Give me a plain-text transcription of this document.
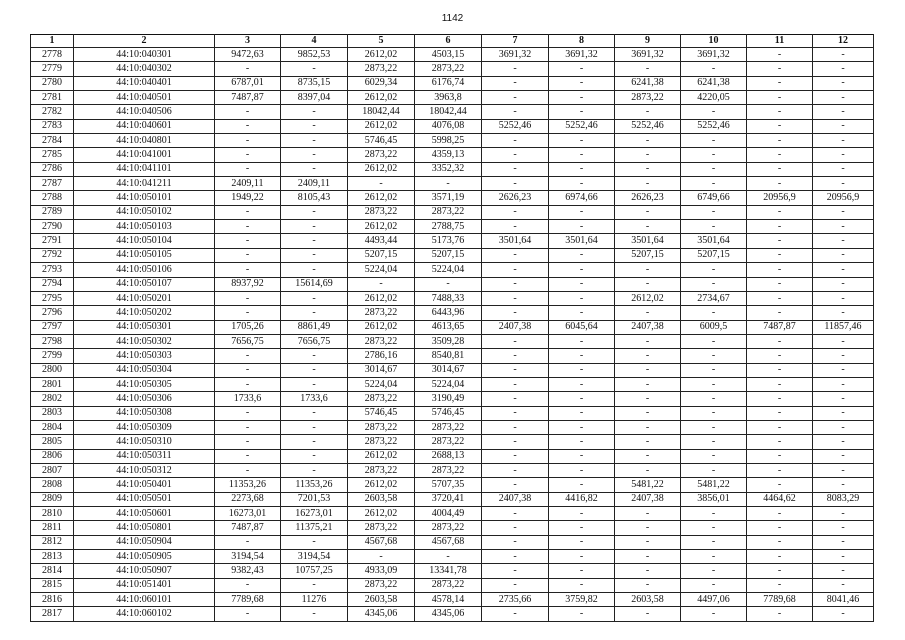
1142
1	2	3	4	5	6	7	8	9	10	11	12
2778	44:10:040301	9472,63	9852,53	2612,02	4503,15	3691,32	3691,32	3691,32	3691,32	-	-
2779	44:10:040302	-	-	2873,22	2873,22	-	-	-	-	-	-
2780	44:10:040401	6787,01	8735,15	6029,34	6176,74	-	-	6241,38	6241,38	-	-
2781	44:10:040501	7487,87	8397,04	2612,02	3963,8	-	-	2873,22	4220,05	-	-
2782	44:10:040506	-	-	18042,44	18042,44	-	-	-	-	-	-
2783	44:10:040601	-	-	2612,02	4076,08	5252,46	5252,46	5252,46	5252,46	-	-
2784	44:10:040801	-	-	5746,45	5998,25	-	-	-	-	-	-
2785	44:10:041001	-	-	2873,22	4359,13	-	-	-	-	-	-
2786	44:10:041101	-	-	2612,02	3352,32	-	-	-	-	-	-
2787	44:10:041211	2409,11	2409,11	-	-	-	-	-	-	-	-
2788	44:10:050101	1949,22	8105,43	2612,02	3571,19	2626,23	6974,66	2626,23	6749,66	20956,9	20956,9
2789	44:10:050102	-	-	2873,22	2873,22	-	-	-	-	-	-
2790	44:10:050103	-	-	2612,02	2788,75	-	-	-	-	-	-
2791	44:10:050104	-	-	4493,44	5173,76	3501,64	3501,64	3501,64	3501,64	-	-
2792	44:10:050105	-	-	5207,15	5207,15	-	-	5207,15	5207,15	-	-
2793	44:10:050106	-	-	5224,04	5224,04	-	-	-	-	-	-
2794	44:10:050107	8937,92	15614,69	-	-	-	-	-	-	-	-
2795	44:10:050201	-	-	2612,02	7488,33	-	-	2612,02	2734,67	-	-
2796	44:10:050202	-	-	2873,22	6443,96	-	-	-	-	-	-
2797	44:10:050301	1705,26	8861,49	2612,02	4613,65	2407,38	6045,64	2407,38	6009,5	7487,87	11857,46
2798	44:10:050302	7656,75	7656,75	2873,22	3509,28	-	-	-	-	-	-
2799	44:10:050303	-	-	2786,16	8540,81	-	-	-	-	-	-
2800	44:10:050304	-	-	3014,67	3014,67	-	-	-	-	-	-
2801	44:10:050305	-	-	5224,04	5224,04	-	-	-	-	-	-
2802	44:10:050306	1733,6	1733,6	2873,22	3190,49	-	-	-	-	-	-
2803	44:10:050308	-	-	5746,45	5746,45	-	-	-	-	-	-
2804	44:10:050309	-	-	2873,22	2873,22	-	-	-	-	-	-
2805	44:10:050310	-	-	2873,22	2873,22	-	-	-	-	-	-
2806	44:10:050311	-	-	2612,02	2688,13	-	-	-	-	-	-
2807	44:10:050312	-	-	2873,22	2873,22	-	-	-	-	-	-
2808	44:10:050401	11353,26	11353,26	2612,02	5707,35	-	-	5481,22	5481,22	-	-
2809	44:10:050501	2273,68	7201,53	2603,58	3720,41	2407,38	4416,82	2407,38	3856,01	4464,62	8083,29
2810	44:10:050601	16273,01	16273,01	2612,02	4004,49	-	-	-	-	-	-
2811	44:10:050801	7487,87	11375,21	2873,22	2873,22	-	-	-	-	-	-
2812	44:10:050904	-	-	4567,68	4567,68	-	-	-	-	-	-
2813	44:10:050905	3194,54	3194,54	-	-	-	-	-	-	-	-
2814	44:10:050907	9382,43	10757,25	4933,09	13341,78	-	-	-	-	-	-
2815	44:10:051401	-	-	2873,22	2873,22	-	-	-	-	-	-
2816	44:10:060101	7789,68	11276	2603,58	4578,14	2735,66	3759,82	2603,58	4497,06	7789,68	8041,46
2817	44:10:060102	-	-	4345,06	4345,06	-	-	-	-	-	-
